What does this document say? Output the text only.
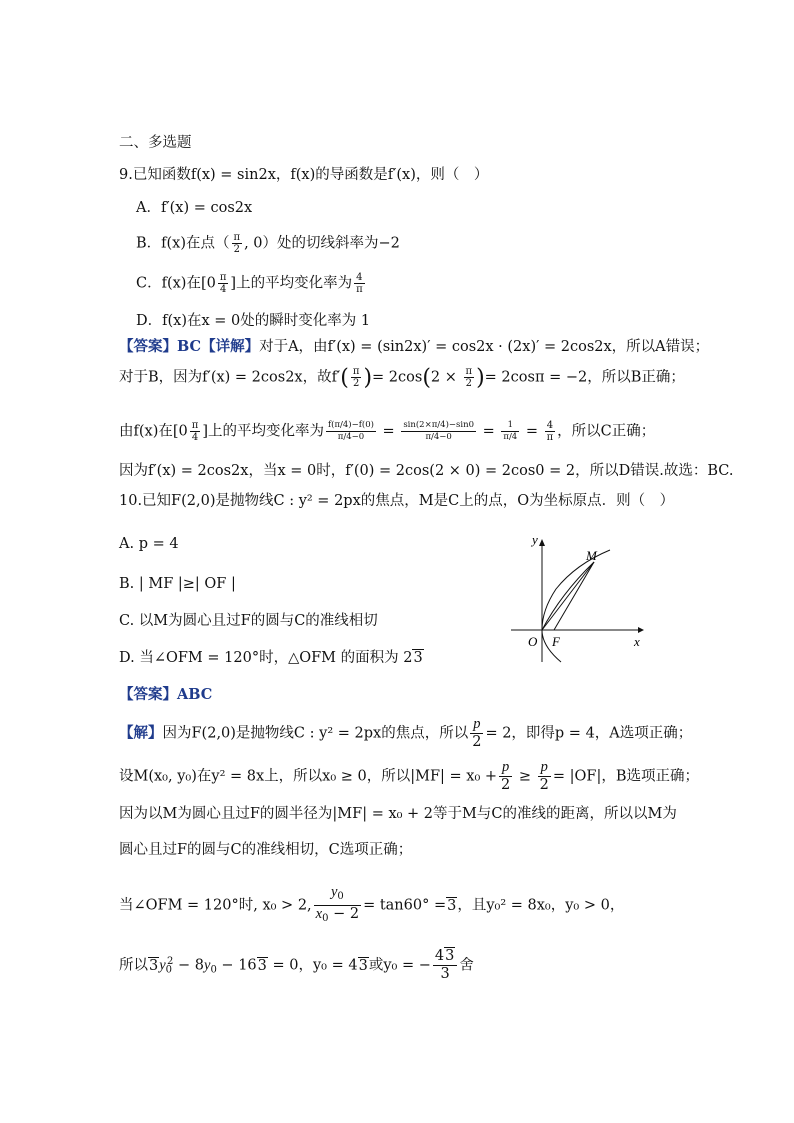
二、多选题
9.已知函数f(x) = sin2x，f(x)的导函数是f′(x)，则（　）
A．f′(x) = cos2x
B．f(x)在点（ $\frac{\pi}{2}$ , 0）处的切线斜率为−2
C．f(x)在[$0 \frac{\pi}{4}$ ]上的平均变化率为 $\frac{4}{\pi}$
D．f(x)在x = 0处的瞬时变化率为 1
【答案】BC【详解】对于A，由f′(x) = (sin2x)′ = cos2x · (2x)′ = 2cos2x，所以A错误；
对于B，因为f′(x) = 2cos2x，故$f'( \frac{\pi}{2}$ )= $2\cos(2 \times \frac{\pi}{2}$ )= 2cosπ = −2，所以B正确；
由f(x)在[$0 \frac{\pi}{4}$ ]上的平均变化率为 $\frac{f(\pi/4)-f(0)}{\pi/4-0} = \frac{\sin(2\times\pi/4)-\sin 0}{\pi/4-0} = \frac{1}{\pi/4} = \frac{4}{\pi}$ ，所以C正确；
因为f′(x) = 2cos2x，当x = 0时，f′(0) = 2cos(2 × 0) = 2cos0 = 2，所以D错误.故选：BC.
10.已知F(2,0)是抛物线C : y² = 2px的焦点，M是C上的点，O为坐标原点．则（　）
A. p = 4
B. | MF |≥| OF |
C. 以M为圆心且过F的圆与C的准线相切
D. 当∠OFM = 120°时，△OFM 的面积为 23
y
x
O F
M
【答案】ABC
【解】因为F(2,0)是抛物线C : y² = 2px的焦点，所以 $\frac{p}{2} = 2$，即得p = 4，A选项正确；
设M(x₀, y₀)在y² = 8x上，所以x₀ ≥ 0，所以$|MF| = x_0 + \frac{p}{2} \ge \frac{p}{2} = |OF|$，B选项正确；
因为以M为圆心且过F的圆半径为|MF| = x₀ + 2等于M与C的准线的距离，所以以M为
圆心且过F的圆与C的准线相切，C选项正确；
当∠OFM = 120°时, x₀ > 2, $\frac{y_0}{x_0 - 2} = \tan 60^\circ =3$，且y₀² = 8x₀，y₀ > 0，
所以$3y_0^2 - 8y_0 - 163 = 0$，y₀ = 43或y₀ = − $\frac{43}{3}$ 舍
